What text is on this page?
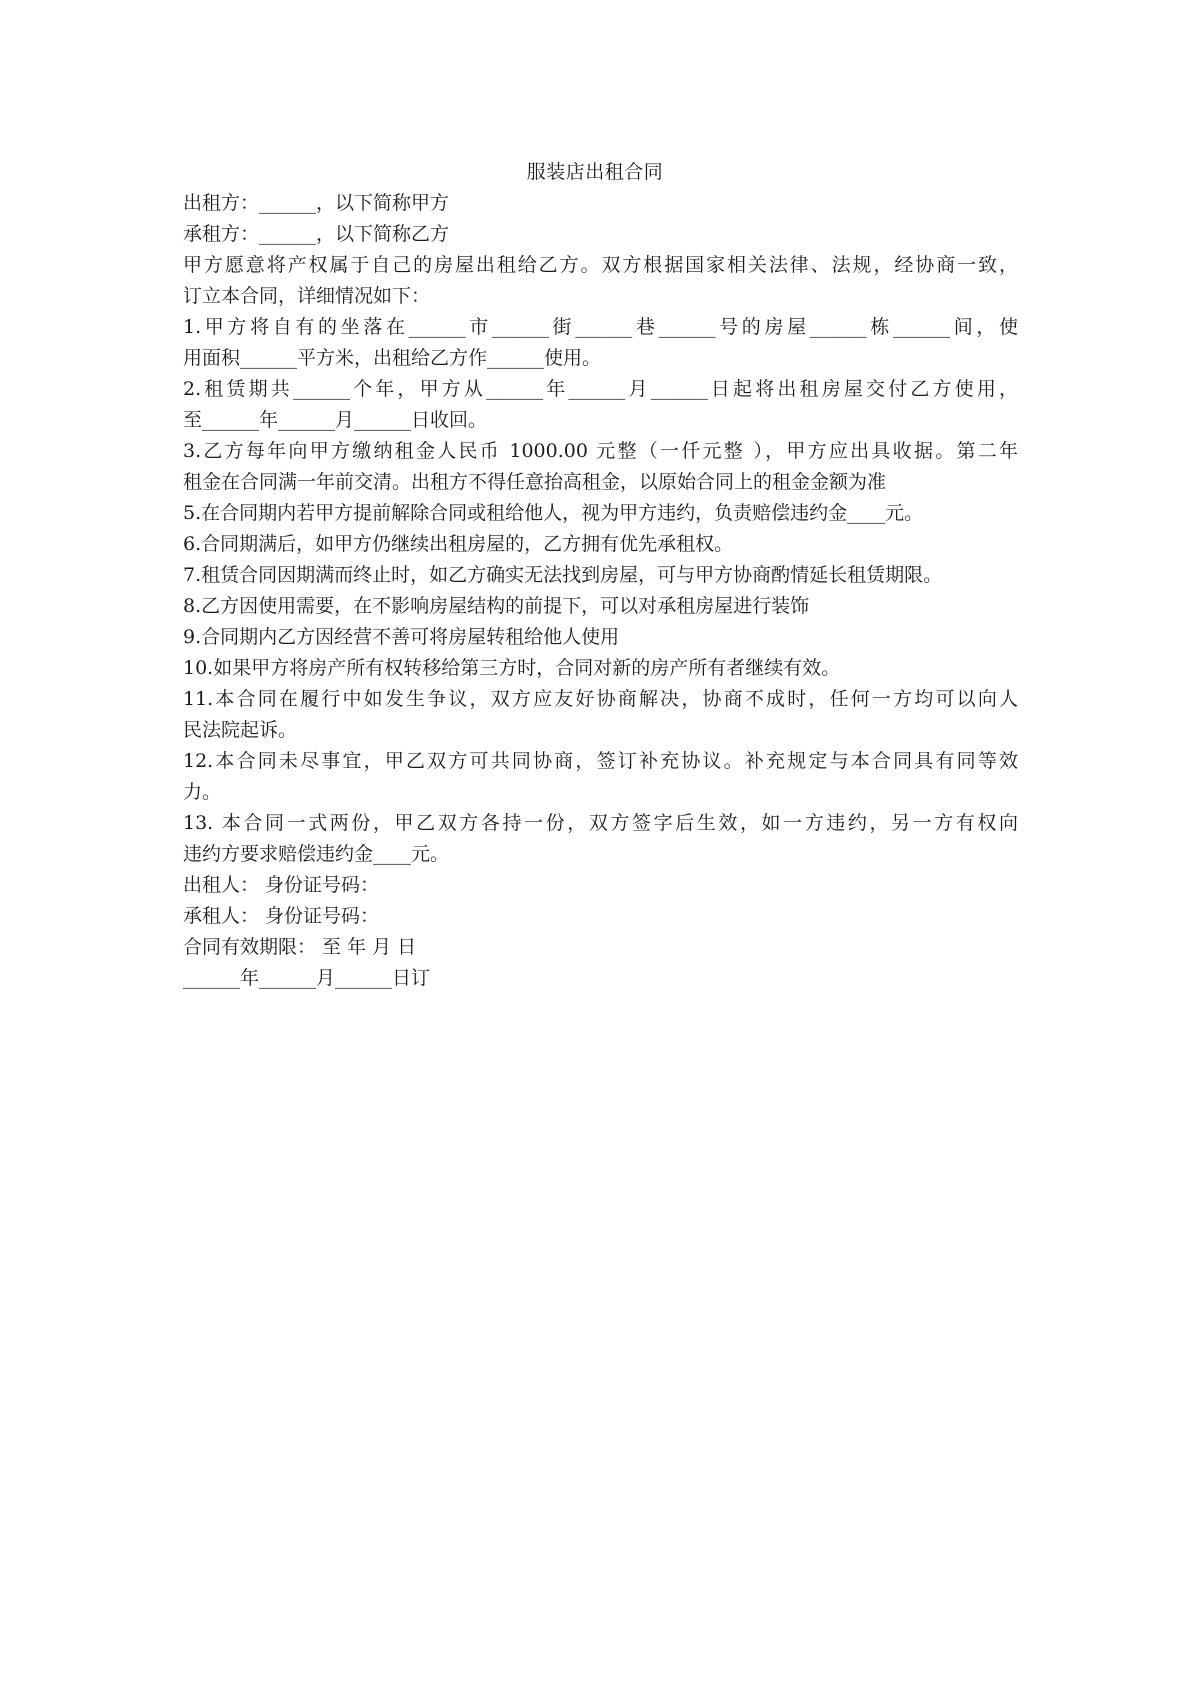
服装店出租合同
出租方：______，以下简称甲方
承租方：______，以下简称乙方
甲方愿意将产权属于自己的房屋出租给乙方。双方根据国家相关法律、法规，经协商一致，
订立本合同，详细情况如下：
1.甲方将自有的坐落在______市______街______巷______号的房屋______栋______间，使
用面积______平方米，出租给乙方作______使用。
2.租赁期共______个年，甲方从______年______月______日起将出租房屋交付乙方使用，
至______年______月______日收回。
3.乙方每年向甲方缴纳租金人民币 1000.00 元整（一仟元整 ），甲方应出具收据。第二年
租金在合同满一年前交清。出租方不得任意抬高租金，以原始合同上的租金金额为准
5.在合同期内若甲方提前解除合同或租给他人，视为甲方违约，负责赔偿违约金____元。
6.合同期满后，如甲方仍继续出租房屋的，乙方拥有优先承租权。
7.租赁合同因期满而终止时，如乙方确实无法找到房屋，可与甲方协商酌情延长租赁期限。
8.乙方因使用需要，在不影响房屋结构的前提下，可以对承租房屋进行装饰
9.合同期内乙方因经营不善可将房屋转租给他人使用
10.如果甲方将房产所有权转移给第三方时，合同对新的房产所有者继续有效。
11.本合同在履行中如发生争议，双方应友好协商解决，协商不成时，任何一方均可以向人
民法院起诉。
12.本合同未尽事宜，甲乙双方可共同协商，签订补充协议。补充规定与本合同具有同等效
力。
13. 本合同一式两份，甲乙双方各持一份，双方签字后生效，如一方违约，另一方有权向
违约方要求赔偿违约金____元。
出租人： 身份证号码：
承租人： 身份证号码：
合同有效期限： 至 年 月 日
______年______月______日订
